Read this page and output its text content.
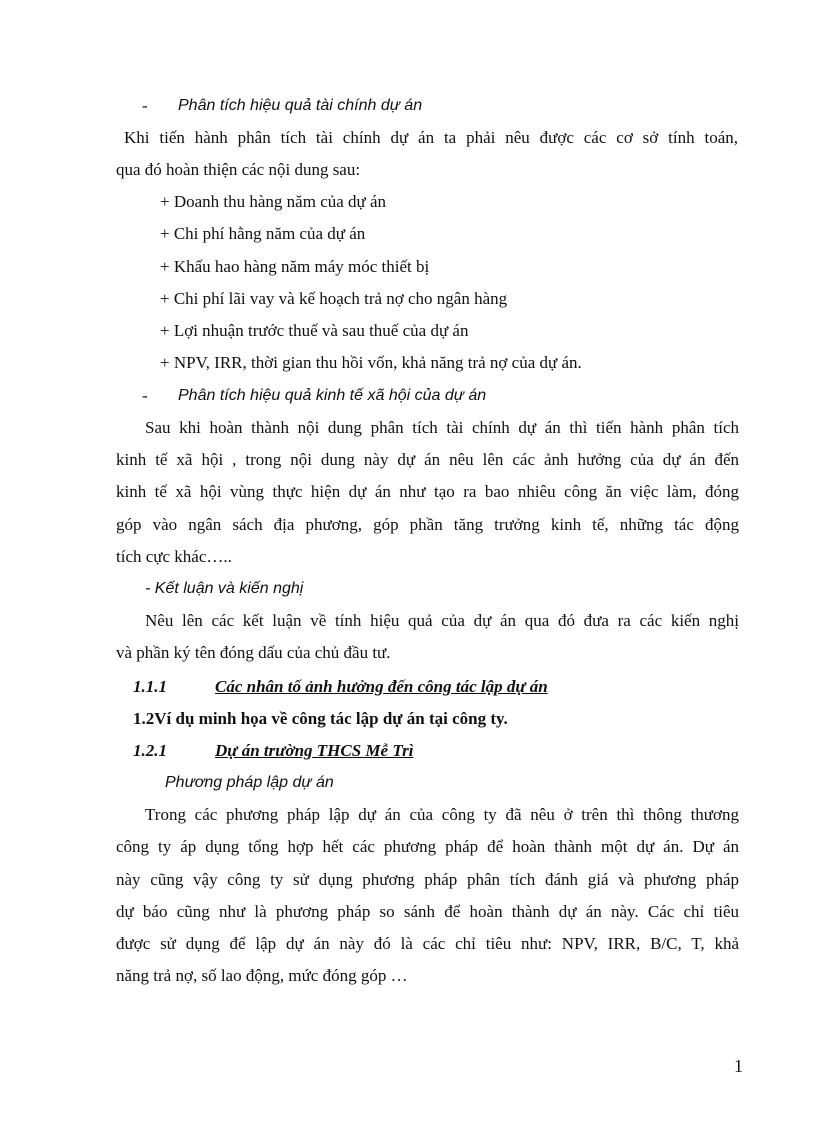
- Phân tích hiệu quả tài chính dự án
Khi tiến hành phân tích tài chính dự án ta phải nêu được các cơ sở tính toán,
qua đó hoàn thiện các nội dung sau:
+ Doanh thu hàng năm của dự án
+ Chi phí hằng năm của dự án
+ Khấu hao hàng năm máy móc thiết bị
+ Chi phí lãi vay và kế hoạch trả nợ cho ngân hàng
+ Lợi nhuận trước thuế và sau thuế của dự án
+ NPV, IRR, thời gian thu hồi vốn, khả năng trả nợ của dự án.
- Phân tích hiệu quả kinh tế xã hội của dự án
Sau khi hoàn thành nội dung phân tích tài chính dự án thì tiến hành phân tích
kinh tế xã hội , trong nội dung này dự án nêu lên các ảnh hưởng của dự án đến
kinh tế xã hội vùng thực hiện dự án như tạo ra bao nhiêu công ăn việc làm, đóng
góp vào ngân sách địa phương, góp phần tăng trưởng kinh tế, những tác động
tích cực khác…..
- Kết luận và kiến nghị
Nêu lên các kết luận về tính hiệu quả của dự án qua đó đưa ra các kiến nghị
và phần ký tên đóng dấu của chủ đầu tư.
1.1.1	Các nhân tố ảnh hưởng đến công tác lập dự án
1.2Ví dụ minh họa về công tác lập dự án tại công ty.
1.2.1	Dự án trường THCS Mễ Trì
Phương pháp lập dự án
Trong các phương pháp lập dự án của công ty đã nêu ở trên thì thông thương
công ty áp dụng tổng hợp hết các phương pháp để hoàn thành một dự án. Dự án
này cũng vậy công ty sử dụng phương pháp phân tích đánh giá và phương pháp
dự báo cũng như là phương pháp so sánh để hoàn thành dự án này. Các chỉ tiêu
được sử dụng để lập dự án này đó là các chỉ tiêu như: NPV, IRR, B/C, T, khả
năng trả nợ, số lao động, mức đóng góp …
1
